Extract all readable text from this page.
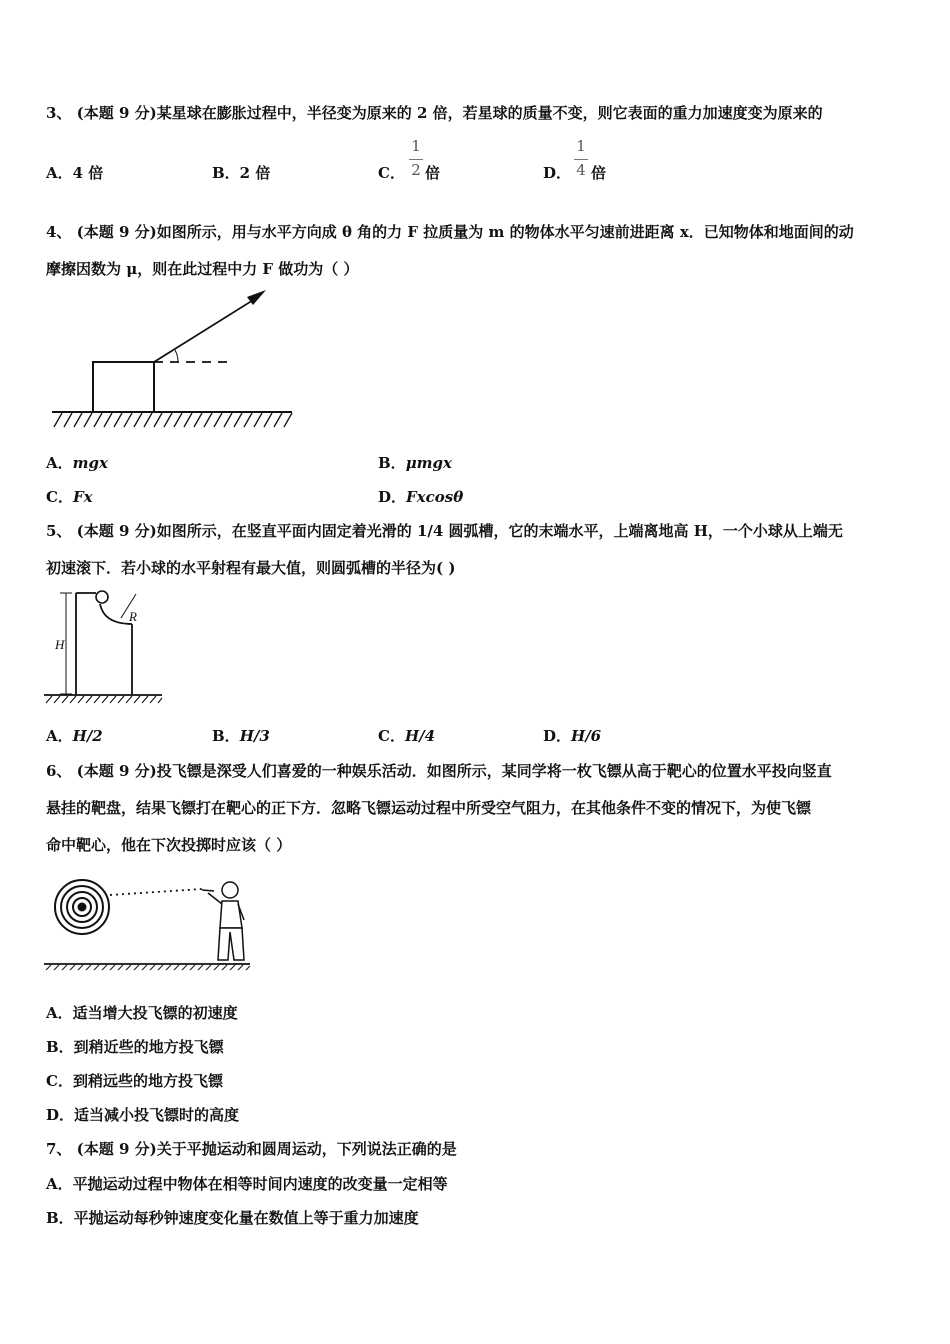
3、 (本题 9 分)某星球在膨胀过程中，半径变为原来的 2 倍，若星球的质量不变，则它表面的重力加速度变为原来的
A．4 倍	B．2 倍	C．
1
2 倍	D．
1
4 倍
4、 (本题 9 分)如图所示，用与水平方向成 θ 角的力 F 拉质量为 m 的物体水平匀速前进距离 x．已知物体和地面间的动
摩擦因数为 μ，则在此过程中力 F 做功为（ ）
A．mgx	B．μmgx
C．Fx	D．Fxcosθ
5、 (本题 9 分)如图所示，在竖直平面内固定着光滑的 1/4 圆弧槽，它的末端水平，上端离地高 H，一个小球从上端无
初速滚下．若小球的水平射程有最大值，则圆弧槽的半径为( )
H
R
A．H/2	B．H/3	C．H/4	D．H/6
6、 (本题 9 分)投飞镖是深受人们喜爱的一种娱乐活动．如图所示，某同学将一枚飞镖从高于靶心的位置水平投向竖直
悬挂的靶盘，结果飞镖打在靶心的正下方．忽略飞镖运动过程中所受空气阻力，在其他条件不变的情况下，为使飞镖
命中靶心，他在下次投掷时应该（ ）
A．适当增大投飞镖的初速度
B．到稍近些的地方投飞镖
C．到稍远些的地方投飞镖
D．适当减小投飞镖时的高度
7、 (本题 9 分)关于平抛运动和圆周运动，下列说法正确的是
A．平抛运动过程中物体在相等时间内速度的改变量一定相等
B．平抛运动每秒钟速度变化量在数值上等于重力加速度
